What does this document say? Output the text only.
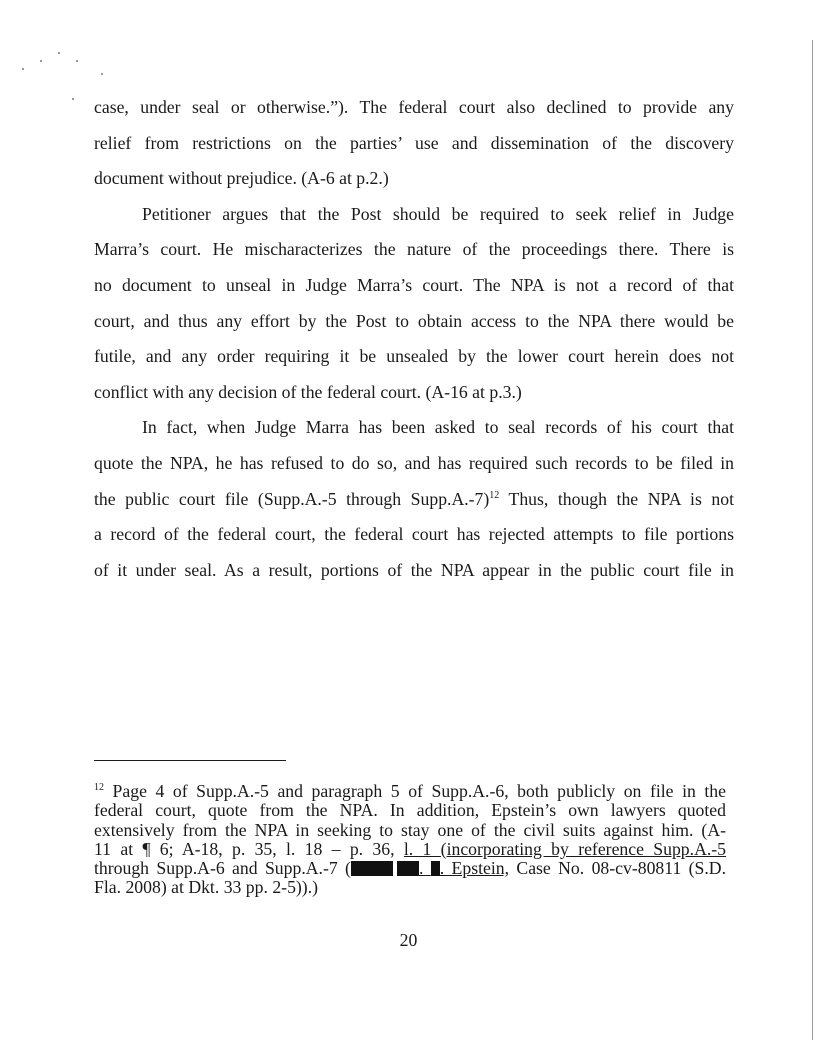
case, under seal or otherwise.”). The federal court also declined to provide any
relief from restrictions on the parties’ use and dissemination of the discovery
document without prejudice. (A-6 at p.2.)
Petitioner argues that the Post should be required to seek relief in Judge
Marra’s court. He mischaracterizes the nature of the proceedings there. There is
no document to unseal in Judge Marra’s court. The NPA is not a record of that
court, and thus any effort by the Post to obtain access to the NPA there would be
futile, and any order requiring it be unsealed by the lower court herein does not
conflict with any decision of the federal court. (A-16 at p.3.)
In fact, when Judge Marra has been asked to seal records of his court that
quote the NPA, he has refused to do so, and has required such records to be filed in
the public court file (Supp.A.-5 through Supp.A.-7)$^{12}$ Thus, though the NPA is not
a record of the federal court, the federal court has rejected attempts to file portions
of it under seal. As a result, portions of the NPA appear in the public court file in
$^{12}$ Page 4 of Supp.A.-5 and paragraph 5 of Supp.A.-6, both publicly on file in the
federal court, quote from the NPA. In addition, Epstein’s own lawyers quoted
extensively from the NPA in seeking to stay one of the civil suits against him. (A-
11 at ¶ 6; A-18, p. 35, l. 18 – p. 36, l. 1 (incorporating by reference Supp.A.-5
through Supp.A-6 and Supp.A.-7 (	. . Epstein, Case No. 08-cv-80811 (S.D.
Fla. 2008) at Dkt. 33 pp. 2-5)).)
20
